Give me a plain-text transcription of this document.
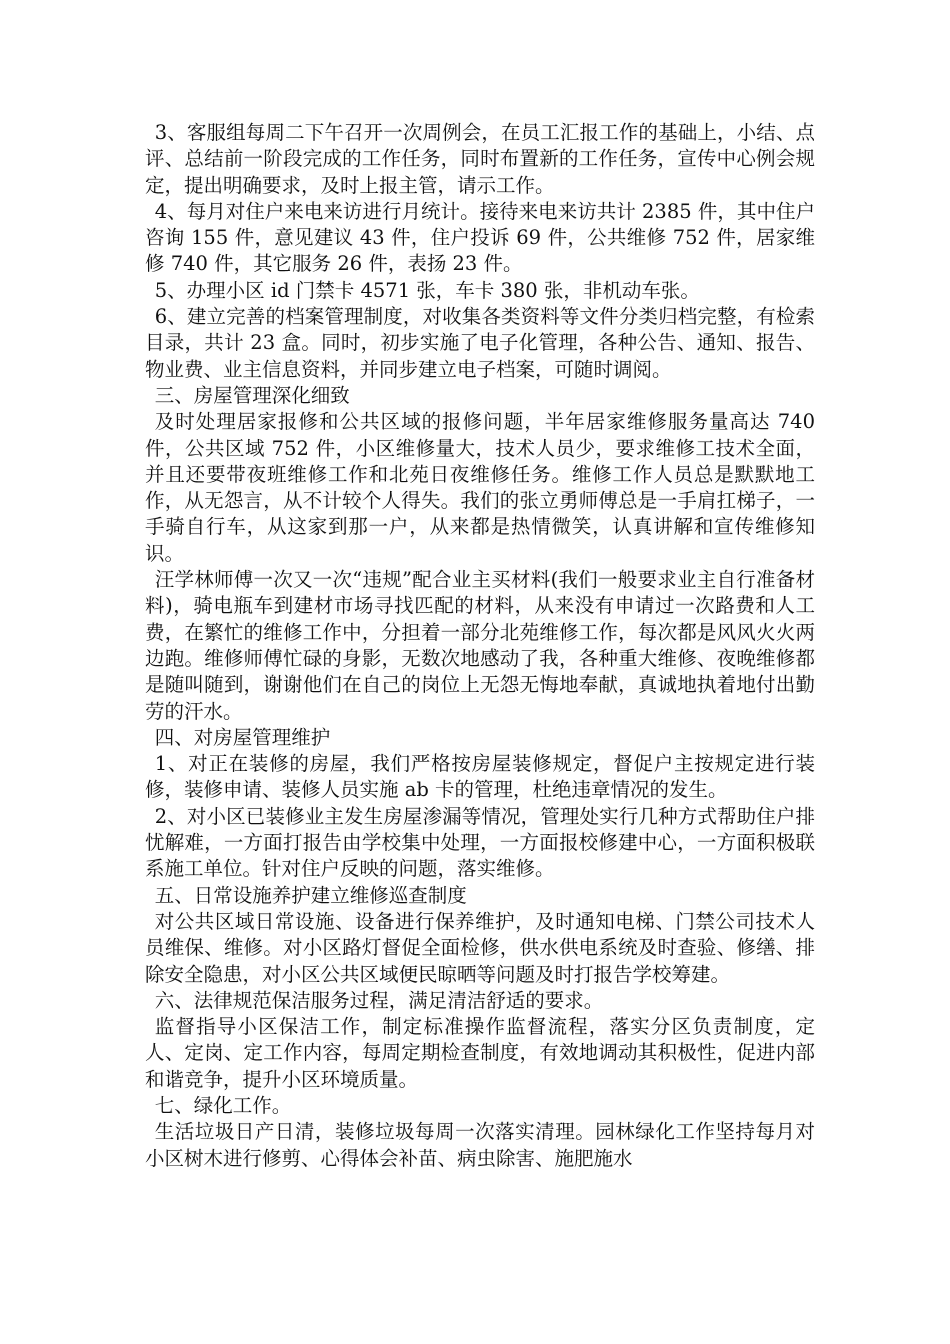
3、客服组每周二下午召开一次周例会，在员工汇报工作的基础上，小结、点评、总结前一阶段完成的工作任务，同时布置新的工作任务，宣传中心例会规定，提出明确要求，及时上报主管，请示工作。

4、每月对住户来电来访进行月统计。接待来电来访共计 2385 件，其中住户咨询 155 件，意见建议 43 件，住户投诉 69 件，公共维修 752 件，居家维修 740 件，其它服务 26 件，表扬 23 件。

5、办理小区 id 门禁卡 4571 张，车卡 380 张，非机动车张。

6、建立完善的档案管理制度，对收集各类资料等文件分类归档完整，有检索目录，共计 23 盒。同时，初步实施了电子化管理，各种公告、通知、报告、物业费、业主信息资料，并同步建立电子档案，可随时调阅。

三、房屋管理深化细致

及时处理居家报修和公共区域的报修问题，半年居家维修服务量高达 740 件，公共区域 752 件，小区维修量大，技术人员少，要求维修工技术全面，并且还要带夜班维修工作和北苑日夜维修任务。维修工作人员总是默默地工作，从无怨言，从不计较个人得失。我们的张立勇师傅总是一手肩扛梯子，一手骑自行车，从这家到那一户，从来都是热情微笑，认真讲解和宣传维修知识。

汪学林师傅一次又一次“违规”配合业主买材料(我们一般要求业主自行准备材料)，骑电瓶车到建材市场寻找匹配的材料，从来没有申请过一次路费和人工费，在繁忙的维修工作中，分担着一部分北苑维修工作，每次都是风风火火两边跑。维修师傅忙碌的身影，无数次地感动了我，各种重大维修、夜晚维修都是随叫随到，谢谢他们在自己的岗位上无怨无悔地奉献，真诚地执着地付出勤劳的汗水。

四、对房屋管理维护

1、对正在装修的房屋，我们严格按房屋装修规定，督促户主按规定进行装修，装修申请、装修人员实施 ab 卡的管理，杜绝违章情况的发生。

2、对小区已装修业主发生房屋渗漏等情况，管理处实行几种方式帮助住户排忧解难，一方面打报告由学校集中处理，一方面报校修建中心，一方面积极联系施工单位。针对住户反映的问题，落实维修。

五、日常设施养护建立维修巡查制度

对公共区域日常设施、设备进行保养维护，及时通知电梯、门禁公司技术人员维保、维修。对小区路灯督促全面检修，供水供电系统及时查验、修缮、排除安全隐患，对小区公共区域便民晾晒等问题及时打报告学校筹建。

六、法律规范保洁服务过程，满足清洁舒适的要求。

监督指导小区保洁工作，制定标准操作监督流程，落实分区负责制度，定人、定岗、定工作内容，每周定期检查制度，有效地调动其积极性，促进内部和谐竞争，提升小区环境质量。

七、绿化工作。

生活垃圾日产日清，装修垃圾每周一次落实清理。园林绿化工作坚持每月对小区树木进行修剪、心得体会补苗、病虫除害、施肥施水
